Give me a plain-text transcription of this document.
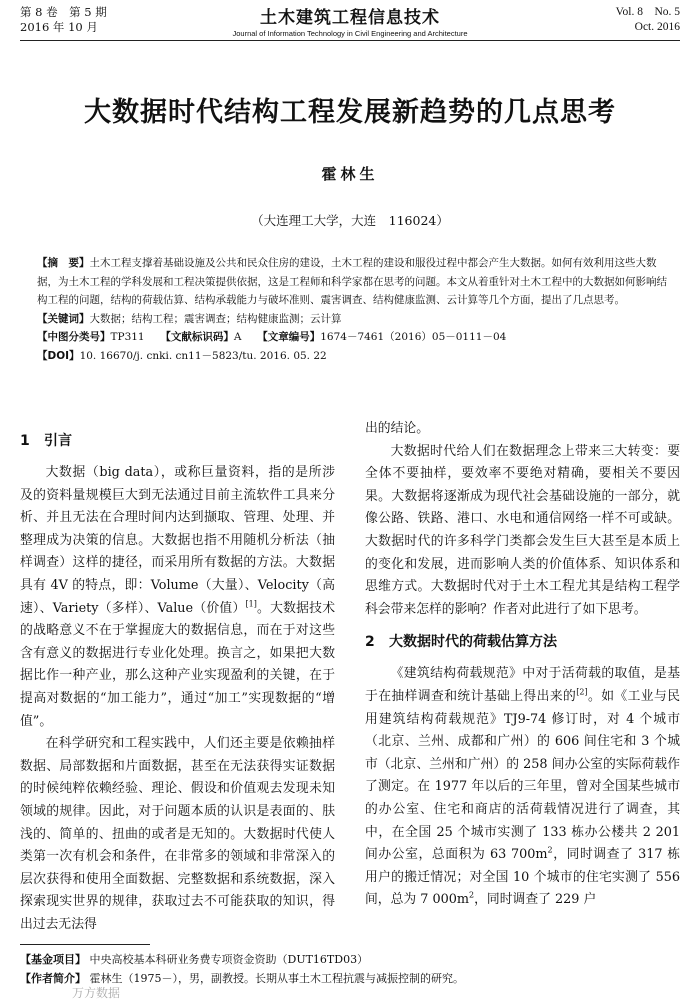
第 8 卷　第 5 期
2016 年 10 月	土木建筑工程信息技术
Journal of Information Technology in Civil Engineering and Architecture
Vol. 8　No. 5
Oct. 2016
大数据时代结构工程发展新趋势的几点思考
霍林生
（大连理工大学，大连　116024）

【摘　要】土木工程支撑着基础设施及公共和民众住房的建设，土木工程的建设和服役过程中都会产生大数据。如何有效利用这些大数据，为土木工程的学科发展和工程决策提供依据，这是工程师和科学家都在思考的问题。本文从着重针对土木工程中的大数据如何影响结构工程的问题，结构的荷载估算、结构承载能力与破坏准则、震害调查、结构健康监测、云计算等几个方面，提出了几点思考。

【关键词】大数据；结构工程；震害调查；结构健康监测；云计算

【中图分类号】TP311　　 【文献标识码】A　　 【文章编号】1674－7461（2016）05－0111－04

【DOI】10. 16670/j. cnki. cn11－5823/tu. 2016. 05. 22

1 引言

大数据（big data），或称巨量资料，指的是所涉及的资料量规模巨大到无法通过目前主流软件工具来分析、并且无法在合理时间内达到撷取、管理、处理、并整理成为决策的信息。大数据也指不用随机分析法（抽样调查）这样的捷径，而采用所有数据的方法。大数据具有 4V 的特点，即：Volume（大量）、Velocity（高速）、Variety（多样）、Value（价值）[1]。大数据技术的战略意义不在于掌握庞大的数据信息，而在于对这些含有意义的数据进行专业化处理。换言之，如果把大数据比作一种产业，那么这种产业实现盈利的关键，在于提高对数据的“加工能力”，通过“加工”实现数据的“增值”。

在科学研究和工程实践中，人们还主要是依赖抽样数据、局部数据和片面数据，甚至在无法获得实证数据的时候纯粹依赖经验、理论、假设和价值观去发现未知领域的规律。因此，对于问题本质的认识是表面的、肤浅的、简单的、扭曲的或者是无知的。大数据时代使人类第一次有机会和条件，在非常多的领域和非常深入的层次获得和使用全面数据、完整数据和系统数据，深入探索现实世界的规律，获取过去不可能获取的知识，得出过去无法得

出的结论。

大数据时代给人们在数据理念上带来三大转变：要全体不要抽样，要效率不要绝对精确，要相关不要因果。大数据将逐渐成为现代社会基础设施的一部分，就像公路、铁路、港口、水电和通信网络一样不可或缺。大数据时代的许多科学门类都会发生巨大甚至是本质上的变化和发展，进而影响人类的价值体系、知识体系和思维方式。大数据时代对于土木工程尤其是结构工程学科会带来怎样的影响？作者对此进行了如下思考。

2 大数据时代的荷载估算方法

《建筑结构荷载规范》中对于活荷载的取值，是基于在抽样调查和统计基础上得出来的[2]。如《工业与民用建筑结构荷载规范》TJ9-74 修订时，对 4 个城市（北京、兰州、成都和广州）的 606 间住宅和 3 个城市（北京、兰州和广州）的 258 间办公室的实际荷载作了测定。在 1977 年以后的三年里，曾对全国某些城市的办公室、住宅和商店的活荷载情况进行了调查，其中，在全国 25 个城市实测了 133 栋办公楼共 2 201 间办公室，总面积为 63 $700m^2$，同时调查了 317 栋用户的搬迁情况；对全国 10 个城市的住宅实测了 556 间，总为 7 $000m^2$，同时调查了 229 户

【基金项目】 中央高校基本科研业务费专项资金资助（DUT16TD03）

【作者简介】 霍林生（1975－），男，副教授。长期从事土木工程抗震与减振控制的研究。

万方数据
